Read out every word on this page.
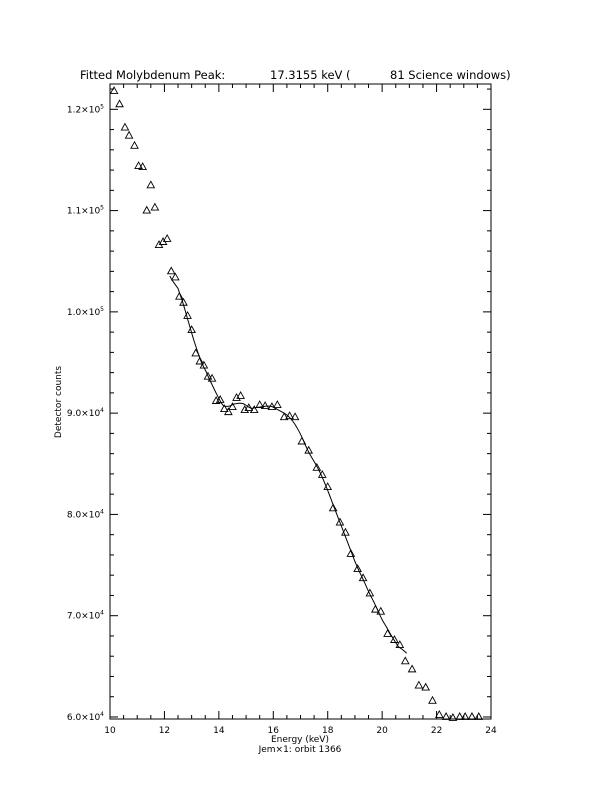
Fitted Molybdenum Peak:	17.3155 keV (	81 Science windows)
10	12	14	16	18	20	22	24
$6.0\times 10^4$
$7.0\times 10^4$
$8.0\times 10^4$
$9.0\times 10^4$
$1.0\times 10^5$
$1.1\times 10^5$
$1.2\times 10^5$
Energy (keV)
Jem×1: orbit 1366
Detector counts
